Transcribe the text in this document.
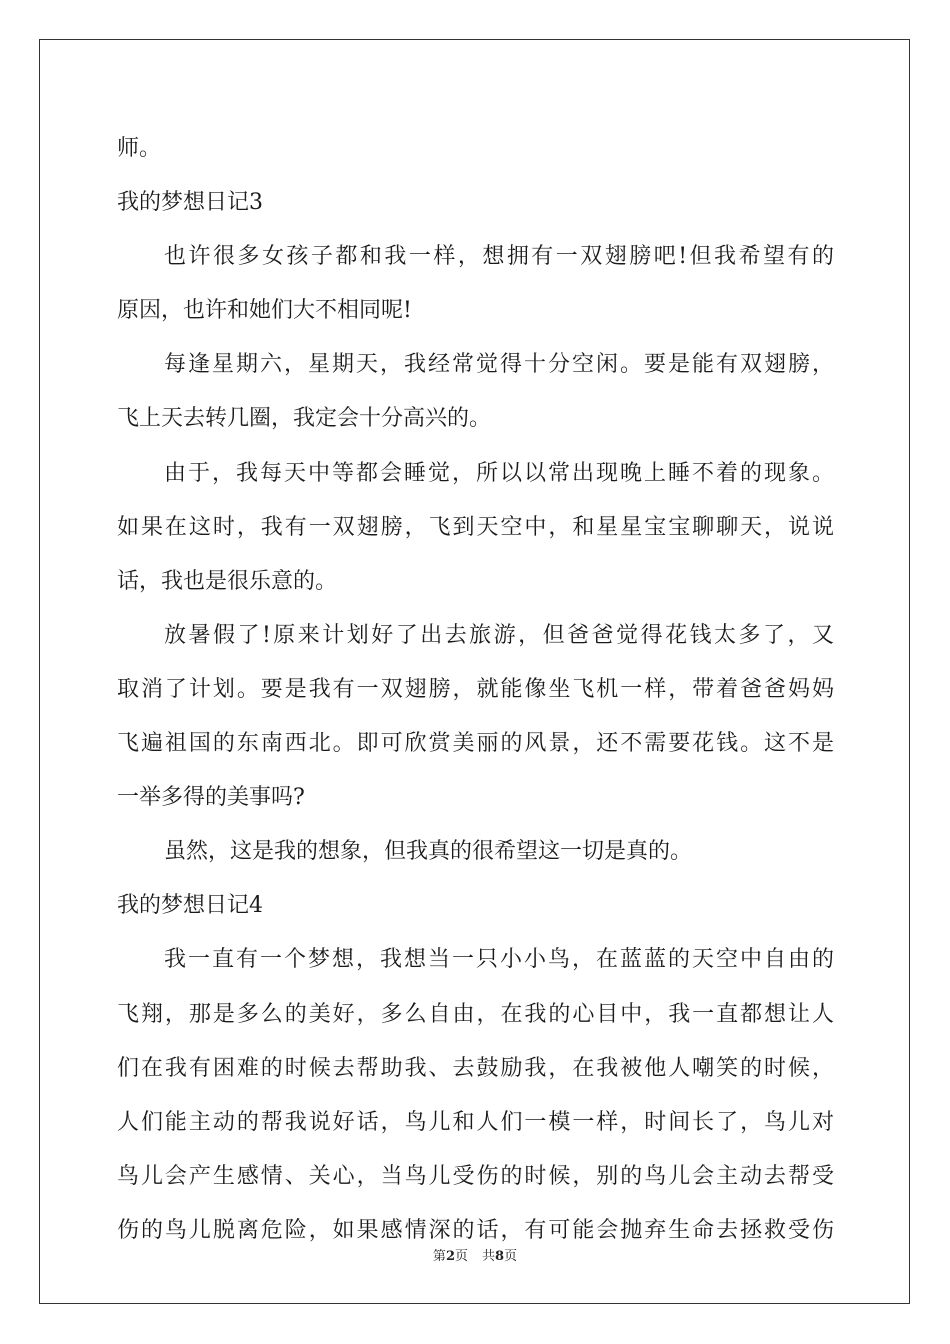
师。
我的梦想日记3
也许很多女孩子都和我一样，想拥有一双翅膀吧!但我希望有的
原因，也许和她们大不相同呢!
每逢星期六，星期天，我经常觉得十分空闲。要是能有双翅膀，
飞上天去转几圈，我定会十分高兴的。
由于，我每天中等都会睡觉，所以以常出现晚上睡不着的现象。
如果在这时，我有一双翅膀，飞到天空中，和星星宝宝聊聊天，说说
话，我也是很乐意的。
放暑假了!原来计划好了出去旅游，但爸爸觉得花钱太多了，又
取消了计划。要是我有一双翅膀，就能像坐飞机一样，带着爸爸妈妈
飞遍祖国的东南西北。即可欣赏美丽的风景，还不需要花钱。这不是
一举多得的美事吗?
虽然，这是我的想象，但我真的很希望这一切是真的。
我的梦想日记4
我一直有一个梦想，我想当一只小小鸟，在蓝蓝的天空中自由的
飞翔，那是多么的美好，多么自由，在我的心目中，我一直都想让人
们在我有困难的时候去帮助我、去鼓励我，在我被他人嘲笑的时候，
人们能主动的帮我说好话，鸟儿和人们一模一样，时间长了，鸟儿对
鸟儿会产生感情、关心，当鸟儿受伤的时候，别的鸟儿会主动去帮受
伤的鸟儿脱离危险，如果感情深的话，有可能会抛弃生命去拯救受伤
第2页 共8页
